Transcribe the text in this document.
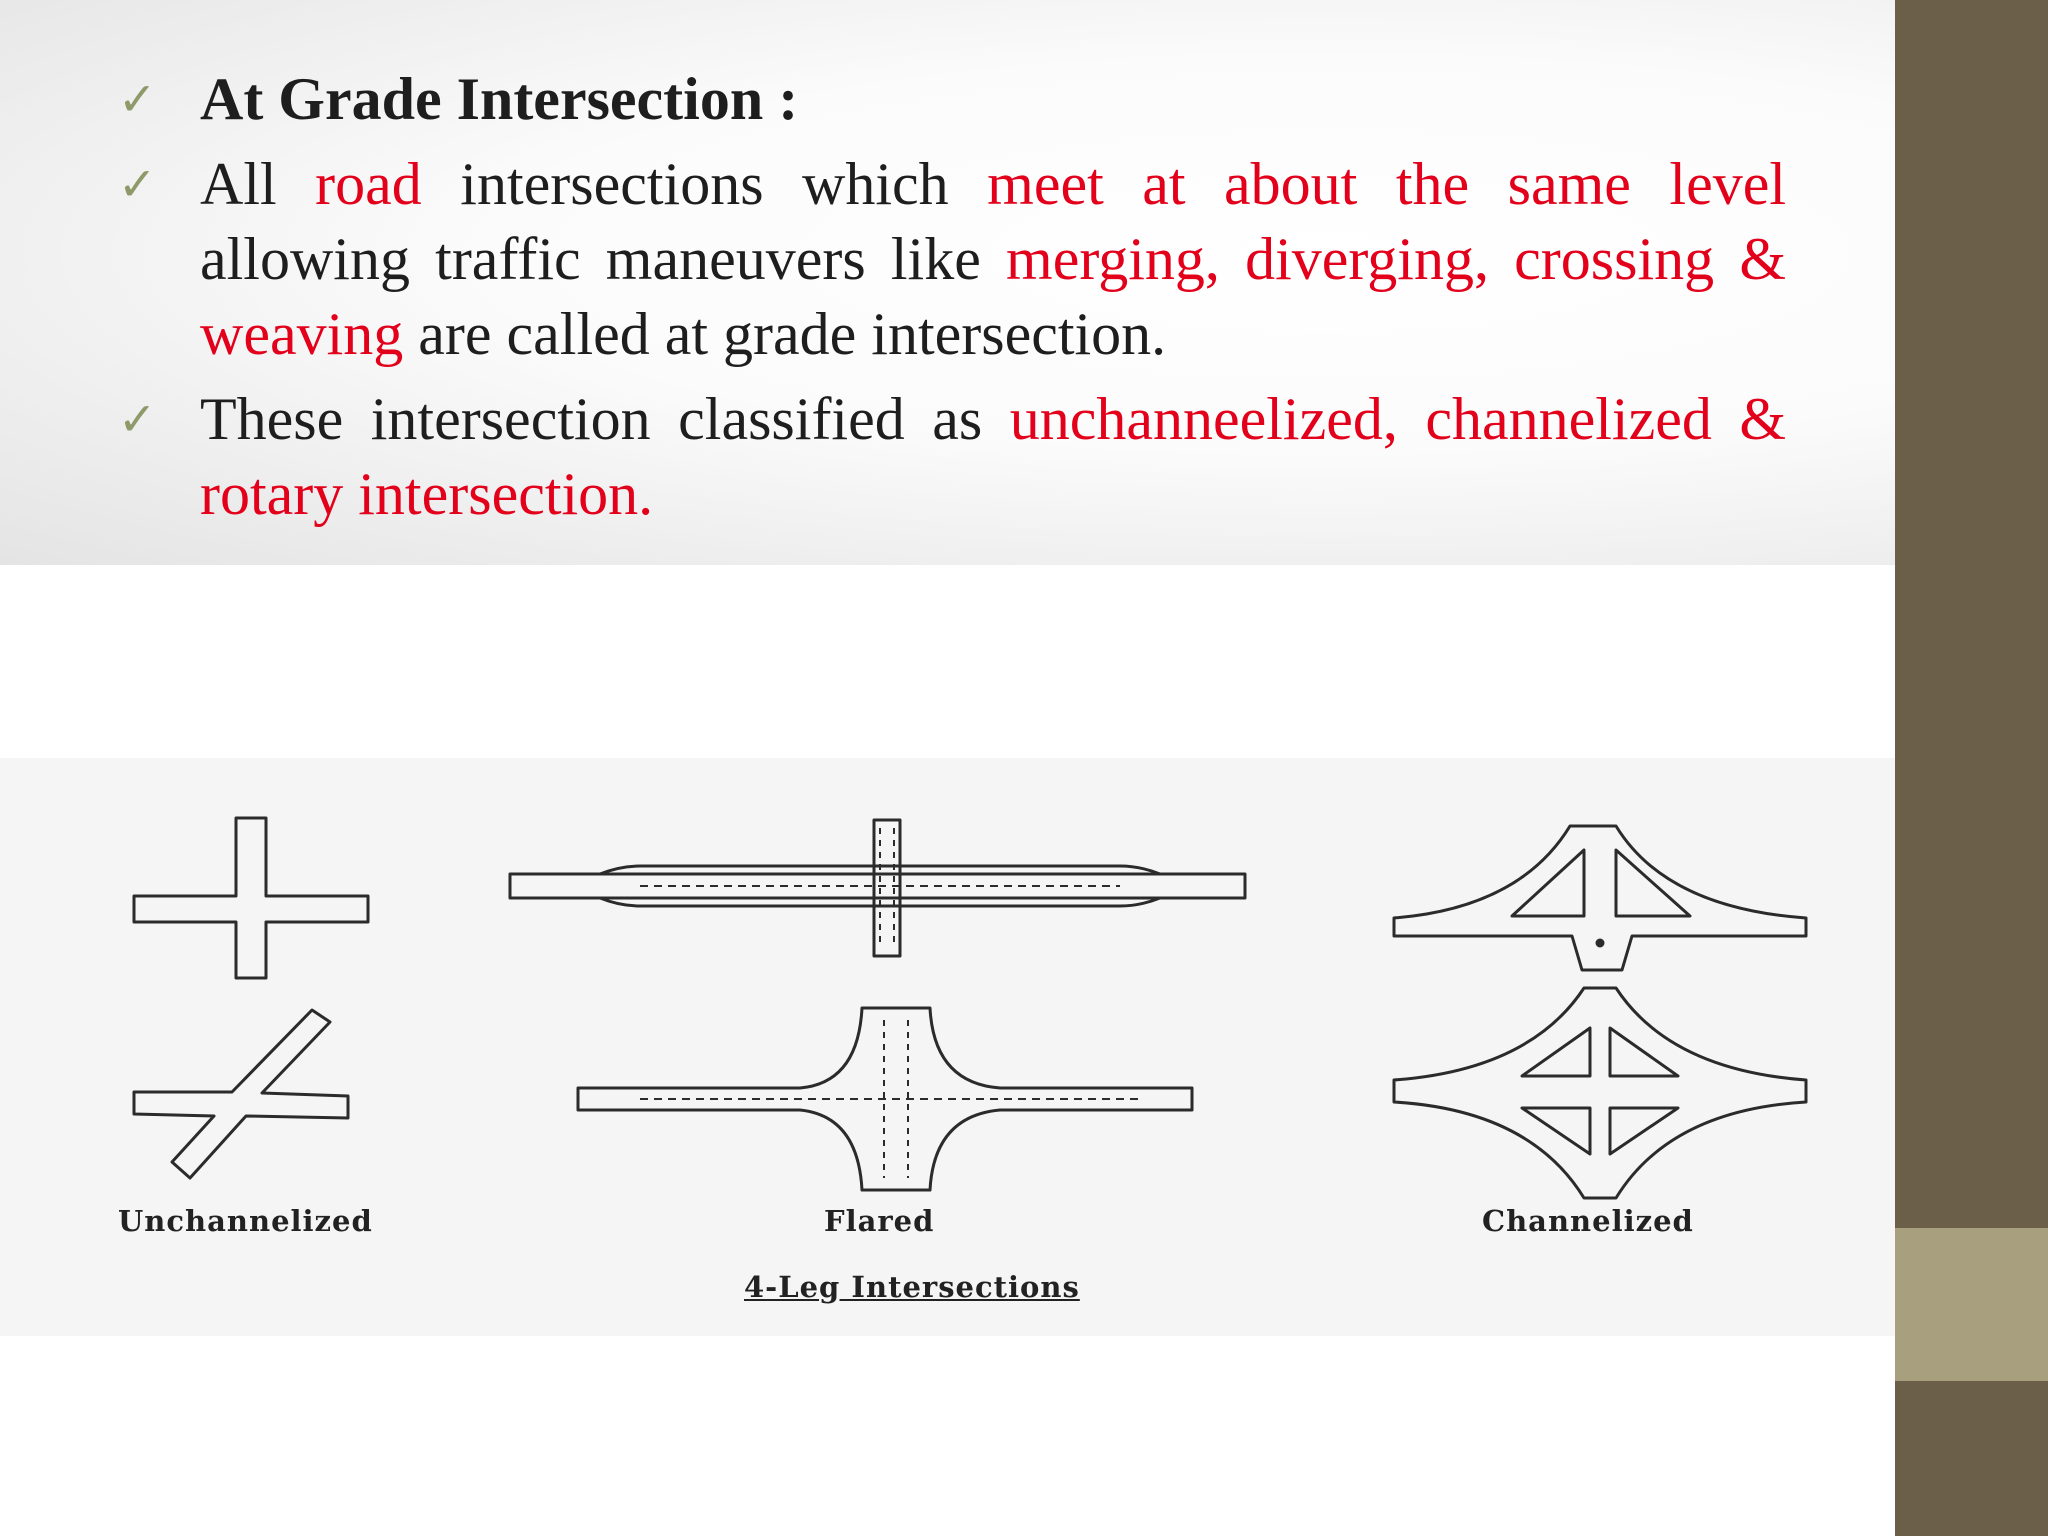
✓ At Grade Intersection :
✓ All road intersections which meet at about the same level allowing traffic maneuvers like merging, diverging, crossing & weaving are called at grade intersection.
✓ These intersection classified as unchanneelized, channelized & rotary intersection.
Unchannelized	Flared	Channelized
4-Leg Intersections
